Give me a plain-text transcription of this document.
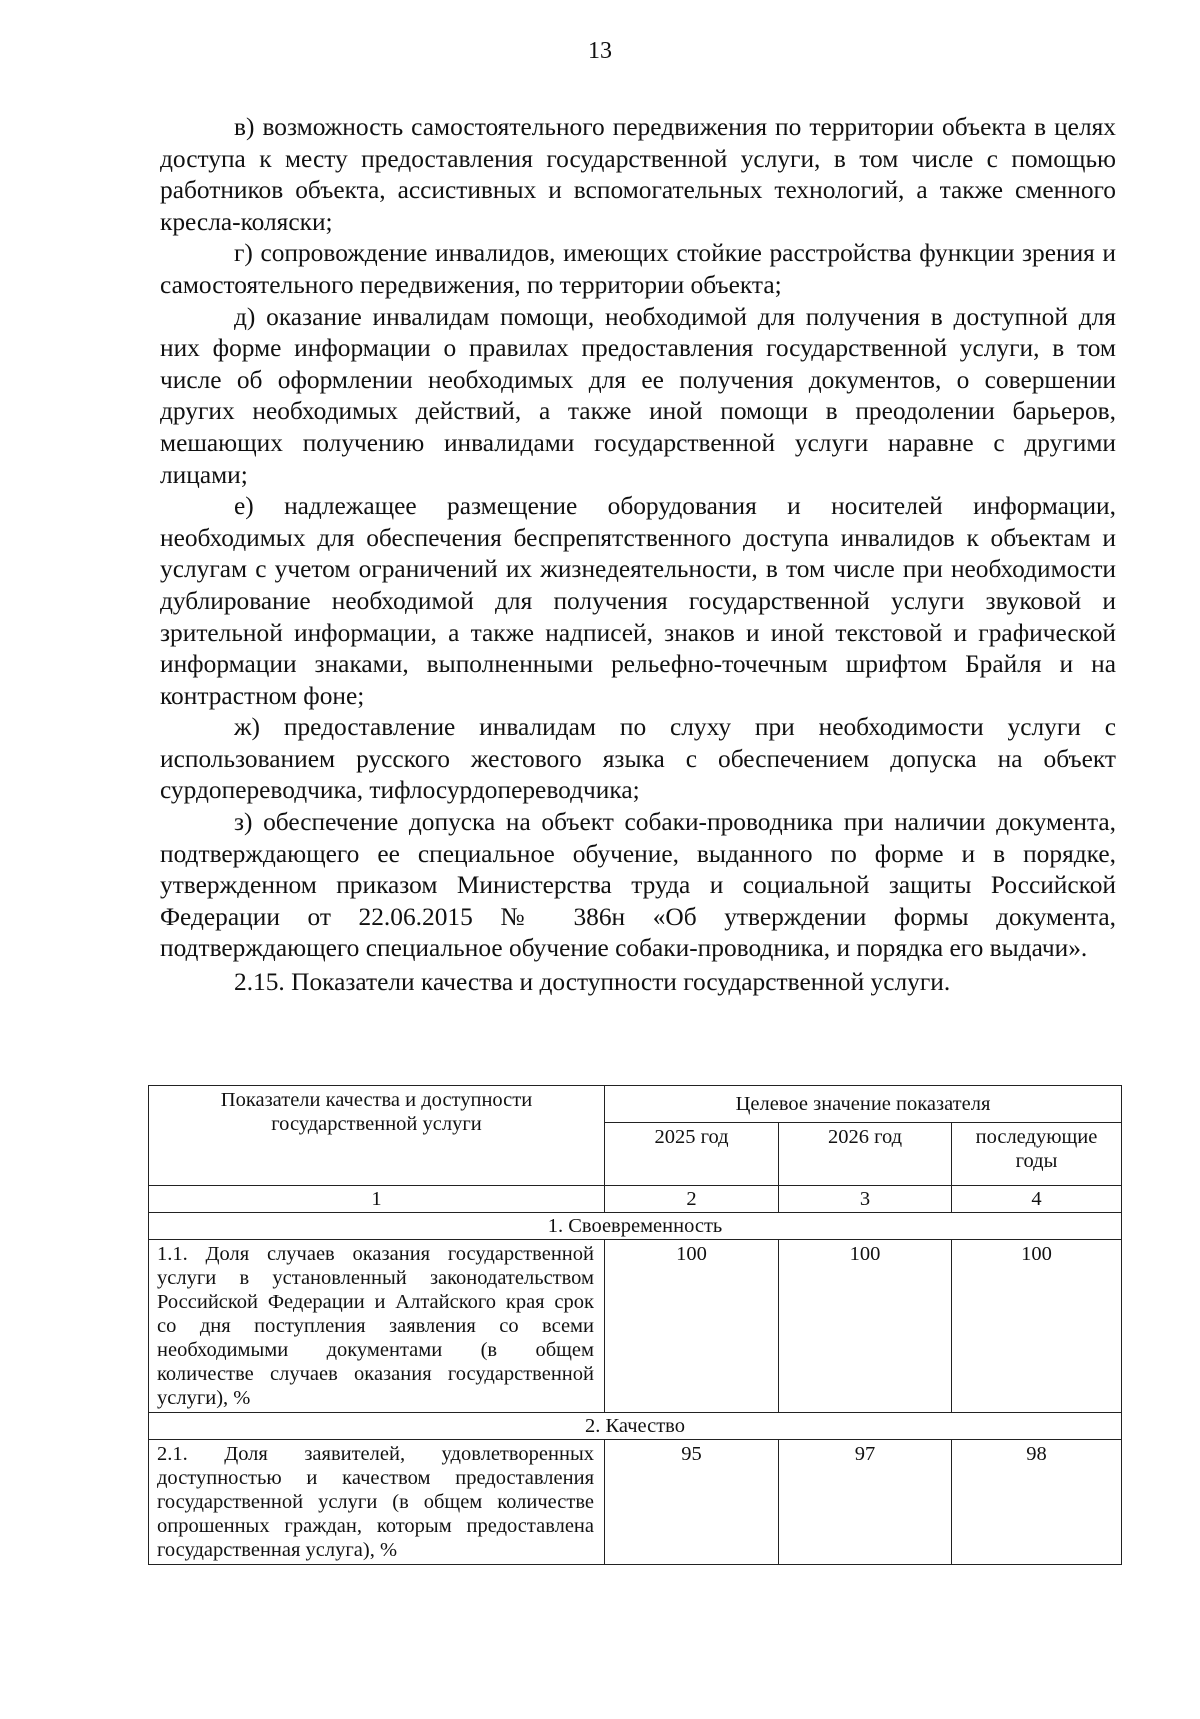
13

в) возможность самостоятельного передвижения по территории объекта в целях доступа к месту предоставления государственной услуги, в том числе с помощью работников объекта, ассистивных и вспомогательных технологий, а также сменного кресла-коляски;

г) сопровождение инвалидов, имеющих стойкие расстройства функции зрения и самостоятельного передвижения, по территории объекта;

д) оказание инвалидам помощи, необходимой для получения в доступной для них форме информации о правилах предоставления государственной услуги, в том числе об оформлении необходимых для ее получения документов, о совершении других необходимых действий, а также иной помощи в преодолении барьеров, мешающих получению инвалидами государственной услуги наравне с другими лицами;

е) надлежащее размещение оборудования и носителей информации, необходимых для обеспечения беспрепятственного доступа инвалидов к объектам и услугам с учетом ограничений их жизнедеятельности, в том числе при необходимости дублирование необходимой для получения государственной услуги звуковой и зрительной информации, а также надписей, знаков и иной текстовой и графической информации знаками, выполненными рельефно-точечным шрифтом Брайля и на контрастном фоне;

ж) предоставление инвалидам по слуху при необходимости услуги с использованием русского жестового языка с обеспечением допуска на объект сурдопереводчика, тифлосурдопереводчика;

з) обеспечение допуска на объект собаки-проводника при наличии документа, подтверждающего ее специальное обучение, выданного по форме и в порядке, утвержденном приказом Министерства труда и социальной защиты Российской Федерации от 22.06.2015 № 386н «Об утверждении формы документа, подтверждающего специальное обучение собаки-проводника, и порядка его выдачи».

2.15. Показатели качества и доступности государственной услуги.

Показатели качества и доступности государственной услуги	Целевое значение показателя		
	2025 год	2026 год	последующие годы
1	2	3	4
1. Своевременность			
1.1. Доля случаев оказания государственной услуги в установленный законодательством Российской Федерации и Алтайского края срок со дня поступления заявления со всеми необходимыми документами (в общем количестве случаев оказания государственной услуги), %	100	100	100
2. Качество			
2.1. Доля заявителей, удовлетворенных доступностью и качеством предоставления государственной услуги (в общем количестве опрошенных граждан, которым предоставлена государственная услуга), %	95	97	98
